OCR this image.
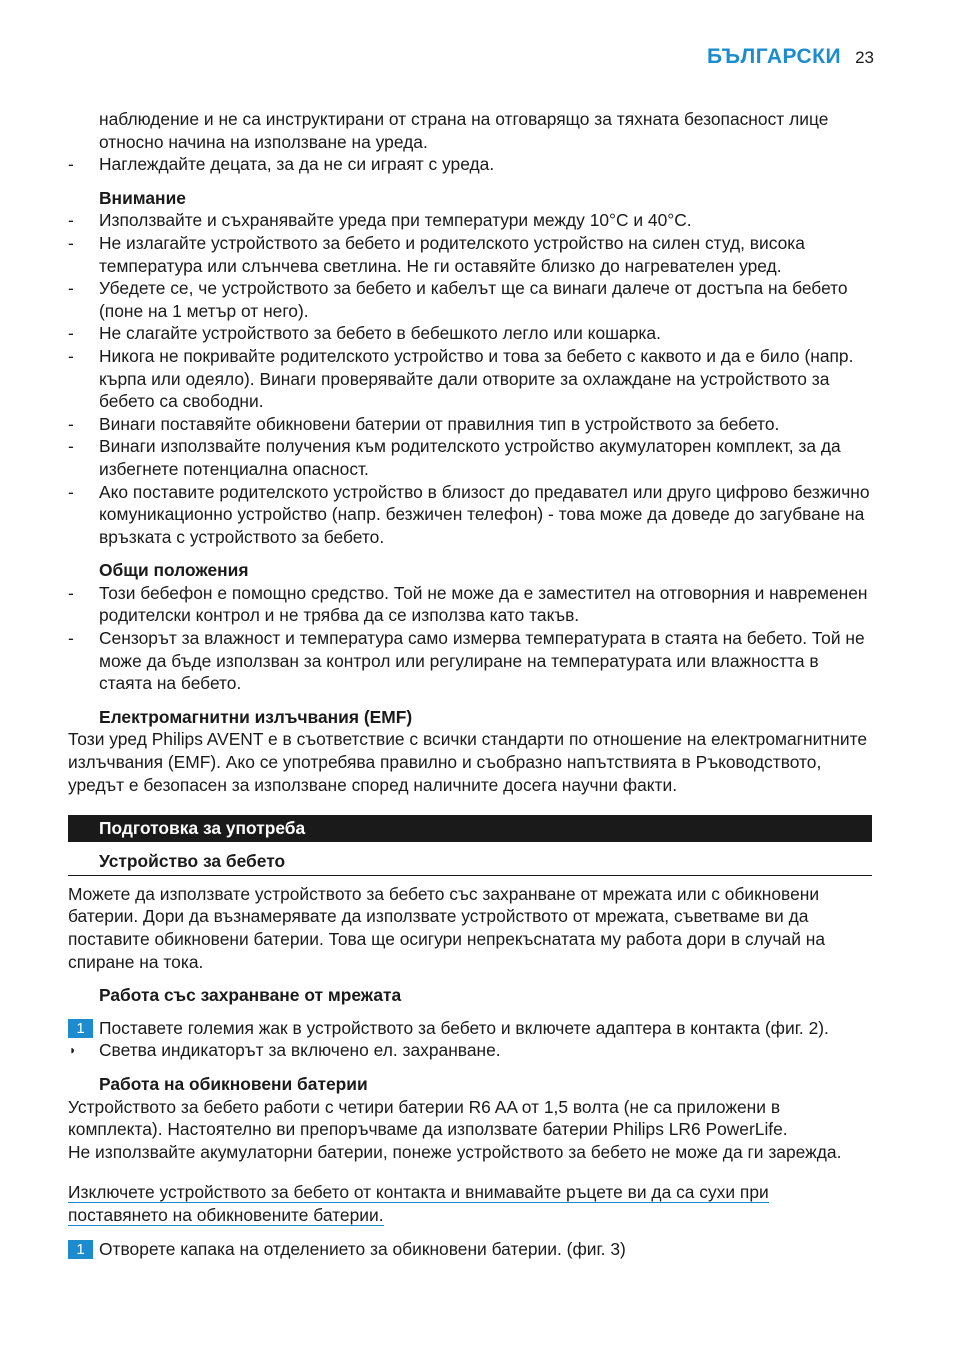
БЪЛГАРСКИ 23
наблюдение и не са инструктирани от страна на отговарящо за тяхната безопасност лице относно начина на използване на уреда.
-	Наглеждайте децата, за да не си играят с уреда.
Внимание
-	Използвайте и съхранявайте уреда при температури между 10°C и 40°C.
-	Не излагайте устройството за бебето и родителското устройство на силен студ, висока температура или слънчева светлина. Не ги оставяйте близко до нагревателен уред.
-	Убедете се, че устройството за бебето и кабелът ще са винаги далече от достъпа на бебето (поне на 1 метър от него).
-	Не слагайте устройството за бебето в бебешкото легло или кошарка.
-	Никога не покривайте родителското устройство и това за бебето с каквото и да е било (напр. кърпа или одеяло). Винаги проверявайте дали отворите за охлаждане на устройството за бебето са свободни.
-	Винаги поставяйте обикновени батерии от правилния тип в устройството за бебето.
-	Винаги използвайте получения към родителското устройство акумулаторен комплект, за да избегнете потенциална опасност.
-	Ако поставите родителското устройство в близост до предавател или друго цифрово безжично комуникационно устройство (напр. безжичен телефон) - това може да доведе до загубване на връзката с устройството за бебето.
Общи положения
-	Този бебефон е помощно средство. Той не може да е заместител на отговорния и навременен родителски контрол и не трябва да се използва като такъв.
-	Сензорът за влажност и температура само измерва температурата в стаята на бебето. Той не може да бъде използван за контрол или регулиране на температурата или влажността в стаята на бебето.
Електромагнитни излъчвания (EMF)
Този уред Philips AVENT е в съответствие с всички стандарти по отношение на електромагнитните излъчвания (EMF). Ако се употребява правилно и съобразно напътствията в Ръководството, уредът е безопасен за използване според наличните досега научни факти.
Подготовка за употреба
Устройство за бебето
Можете да използвате устройството за бебето със захранване от мрежата или с обикновени батерии. Дори да възнамерявате да използвате устройството от мрежата, съветваме ви да поставите обикновени батерии. Това ще осигури непрекъснатата му работа дори в случай на спиране на тока.
Работа със захранване от мрежата
1 Поставете големия жак в устройството за бебето и включете адаптера в контакта (фиг. 2).
◗ Светва индикаторът за включено ел. захранване.
Работа на обикновени батерии
Устройството за бебето работи с четири батерии R6 AA от 1,5 волта (не са приложени в комплекта). Настоятелно ви препоръчваме да използвате батерии Philips LR6 PowerLife.
Не използвайте акумулаторни батерии, понеже устройството за бебето не може да ги зарежда.
Изключете устройството за бебето от контакта и внимавайте ръцете ви да са сухи при
поставянето на обикновените батерии.
1 Отворете капака на отделението за обикновени батерии. (фиг. 3)
